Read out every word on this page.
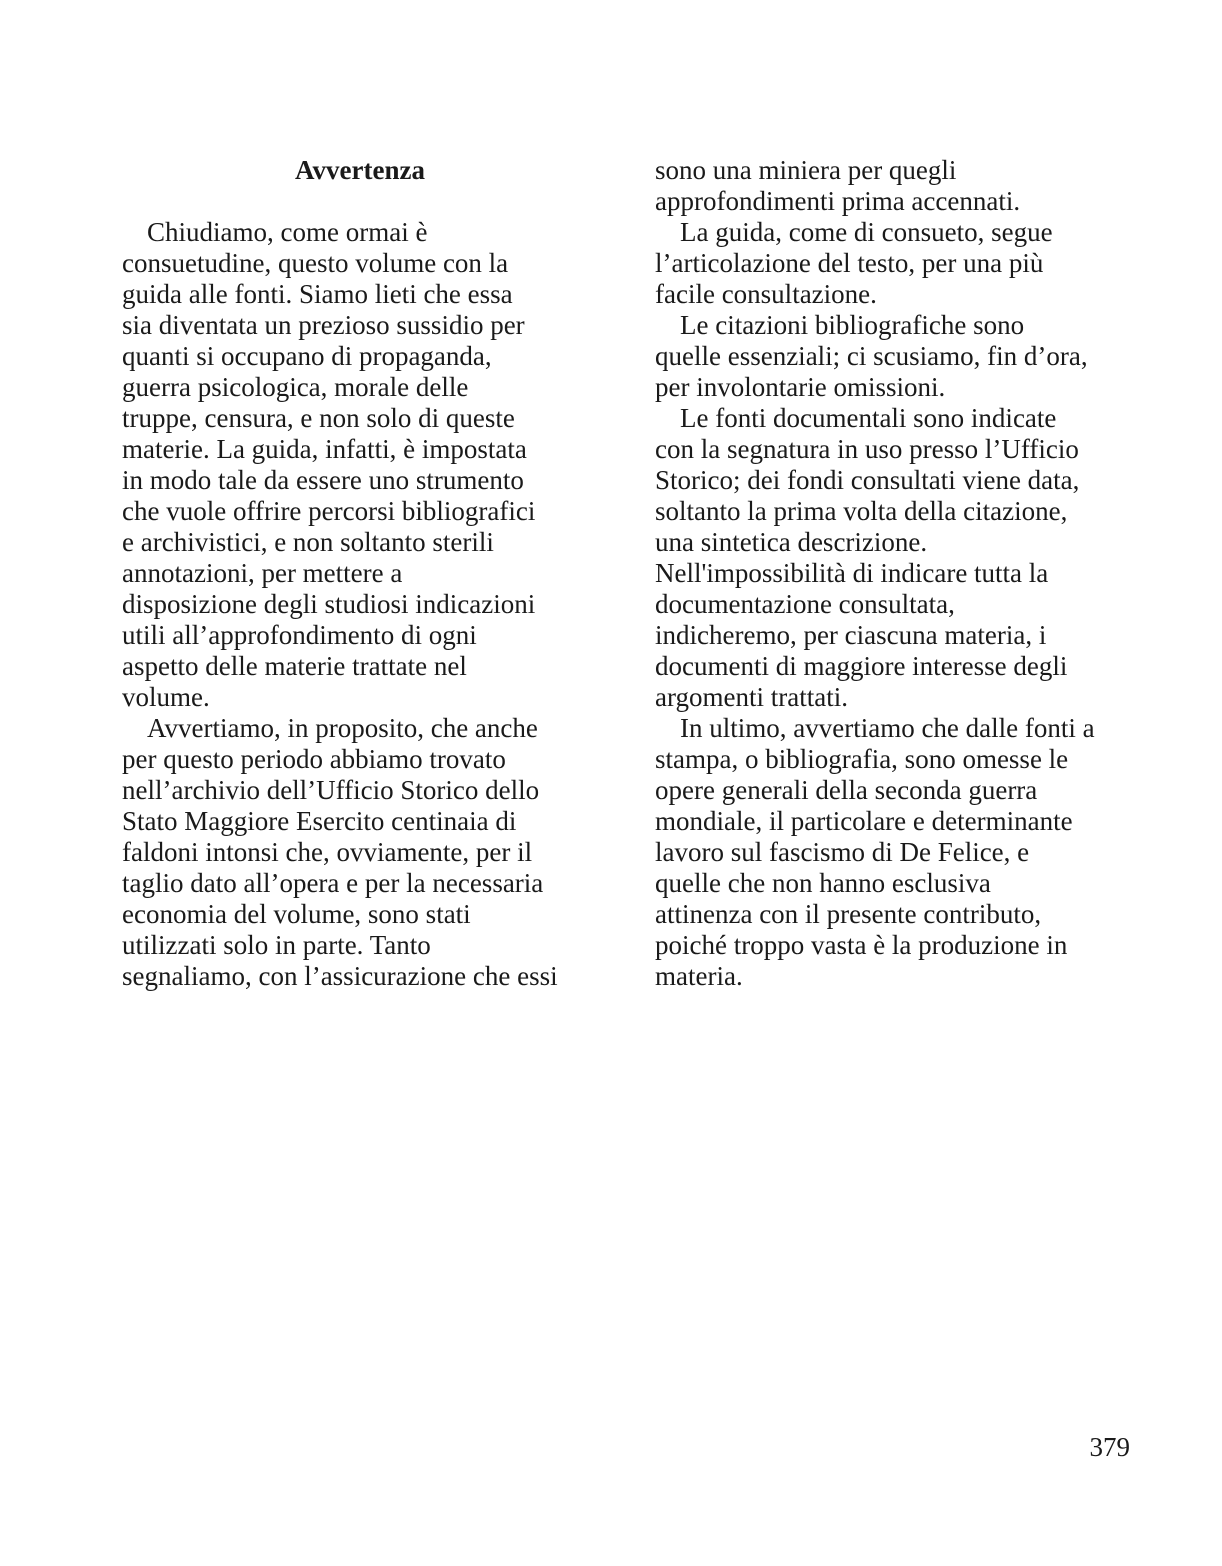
Avvertenza
Chiudiamo, come ormai è
consuetudine, questo volume con la
guida alle fonti. Siamo lieti che essa
sia diventata un prezioso sussidio per
quanti si occupano di propaganda,
guerra psicologica, morale delle
truppe, censura, e non solo di queste
materie. La guida, infatti, è impostata
in modo tale da essere uno strumento
che vuole offrire percorsi bibliografici
e archivistici, e non soltanto sterili
annotazioni, per mettere a
disposizione degli studiosi indicazioni
utili all’approfondimento di ogni
aspetto delle materie trattate nel
volume.
Avvertiamo, in proposito, che anche
per questo periodo abbiamo trovato
nell’archivio dell’Ufficio Storico dello
Stato Maggiore Esercito centinaia di
faldoni intonsi che, ovviamente, per il
taglio dato all’opera e per la necessaria
economia del volume, sono stati
utilizzati solo in parte. Tanto
segnaliamo, con l’assicurazione che essi
sono una miniera per quegli
approfondimenti prima accennati.
La guida, come di consueto, segue
l’articolazione del testo, per una più
facile consultazione.
Le citazioni bibliografiche sono
quelle essenziali; ci scusiamo, fin d’ora,
per involontarie omissioni.
Le fonti documentali sono indicate
con la segnatura in uso presso l’Ufficio
Storico; dei fondi consultati viene data,
soltanto la prima volta della citazione,
una sintetica descrizione.
Nell'impossibilità di indicare tutta la
documentazione consultata,
indicheremo, per ciascuna materia, i
documenti di maggiore interesse degli
argomenti trattati.
In ultimo, avvertiamo che dalle fonti a
stampa, o bibliografia, sono omesse le
opere generali della seconda guerra
mondiale, il particolare e determinante
lavoro sul fascismo di De Felice, e
quelle che non hanno esclusiva
attinenza con il presente contributo,
poiché troppo vasta è la produzione in
materia.
379
